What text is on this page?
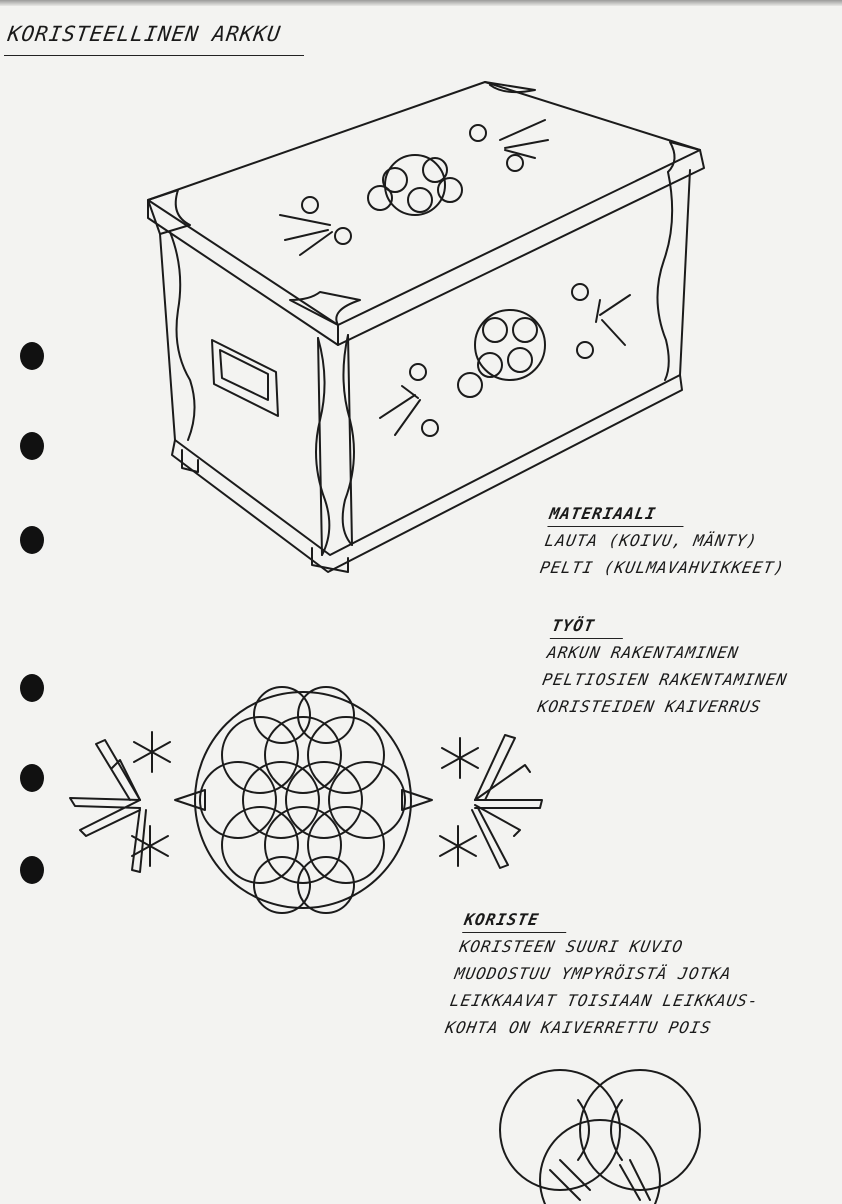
KORISTEELLINEN ARKKU
MATERIAALI
LAUTA (KOIVU, MÄNTY)
PELTI (KULMAVAHVIKKEET)
TYÖT
ARKUN RAKENTAMINEN
PELTIOSIEN RAKENTAMINEN
KORISTEIDEN KAIVERRUS
KORISTE
KORISTEEN SUURI KUVIO
MUODOSTUU YMPYRÖISTÄ JOTKA
LEIKKAAVAT TOISIAAN LEIKKAUS-
KOHTA ON KAIVERRETTU POIS
